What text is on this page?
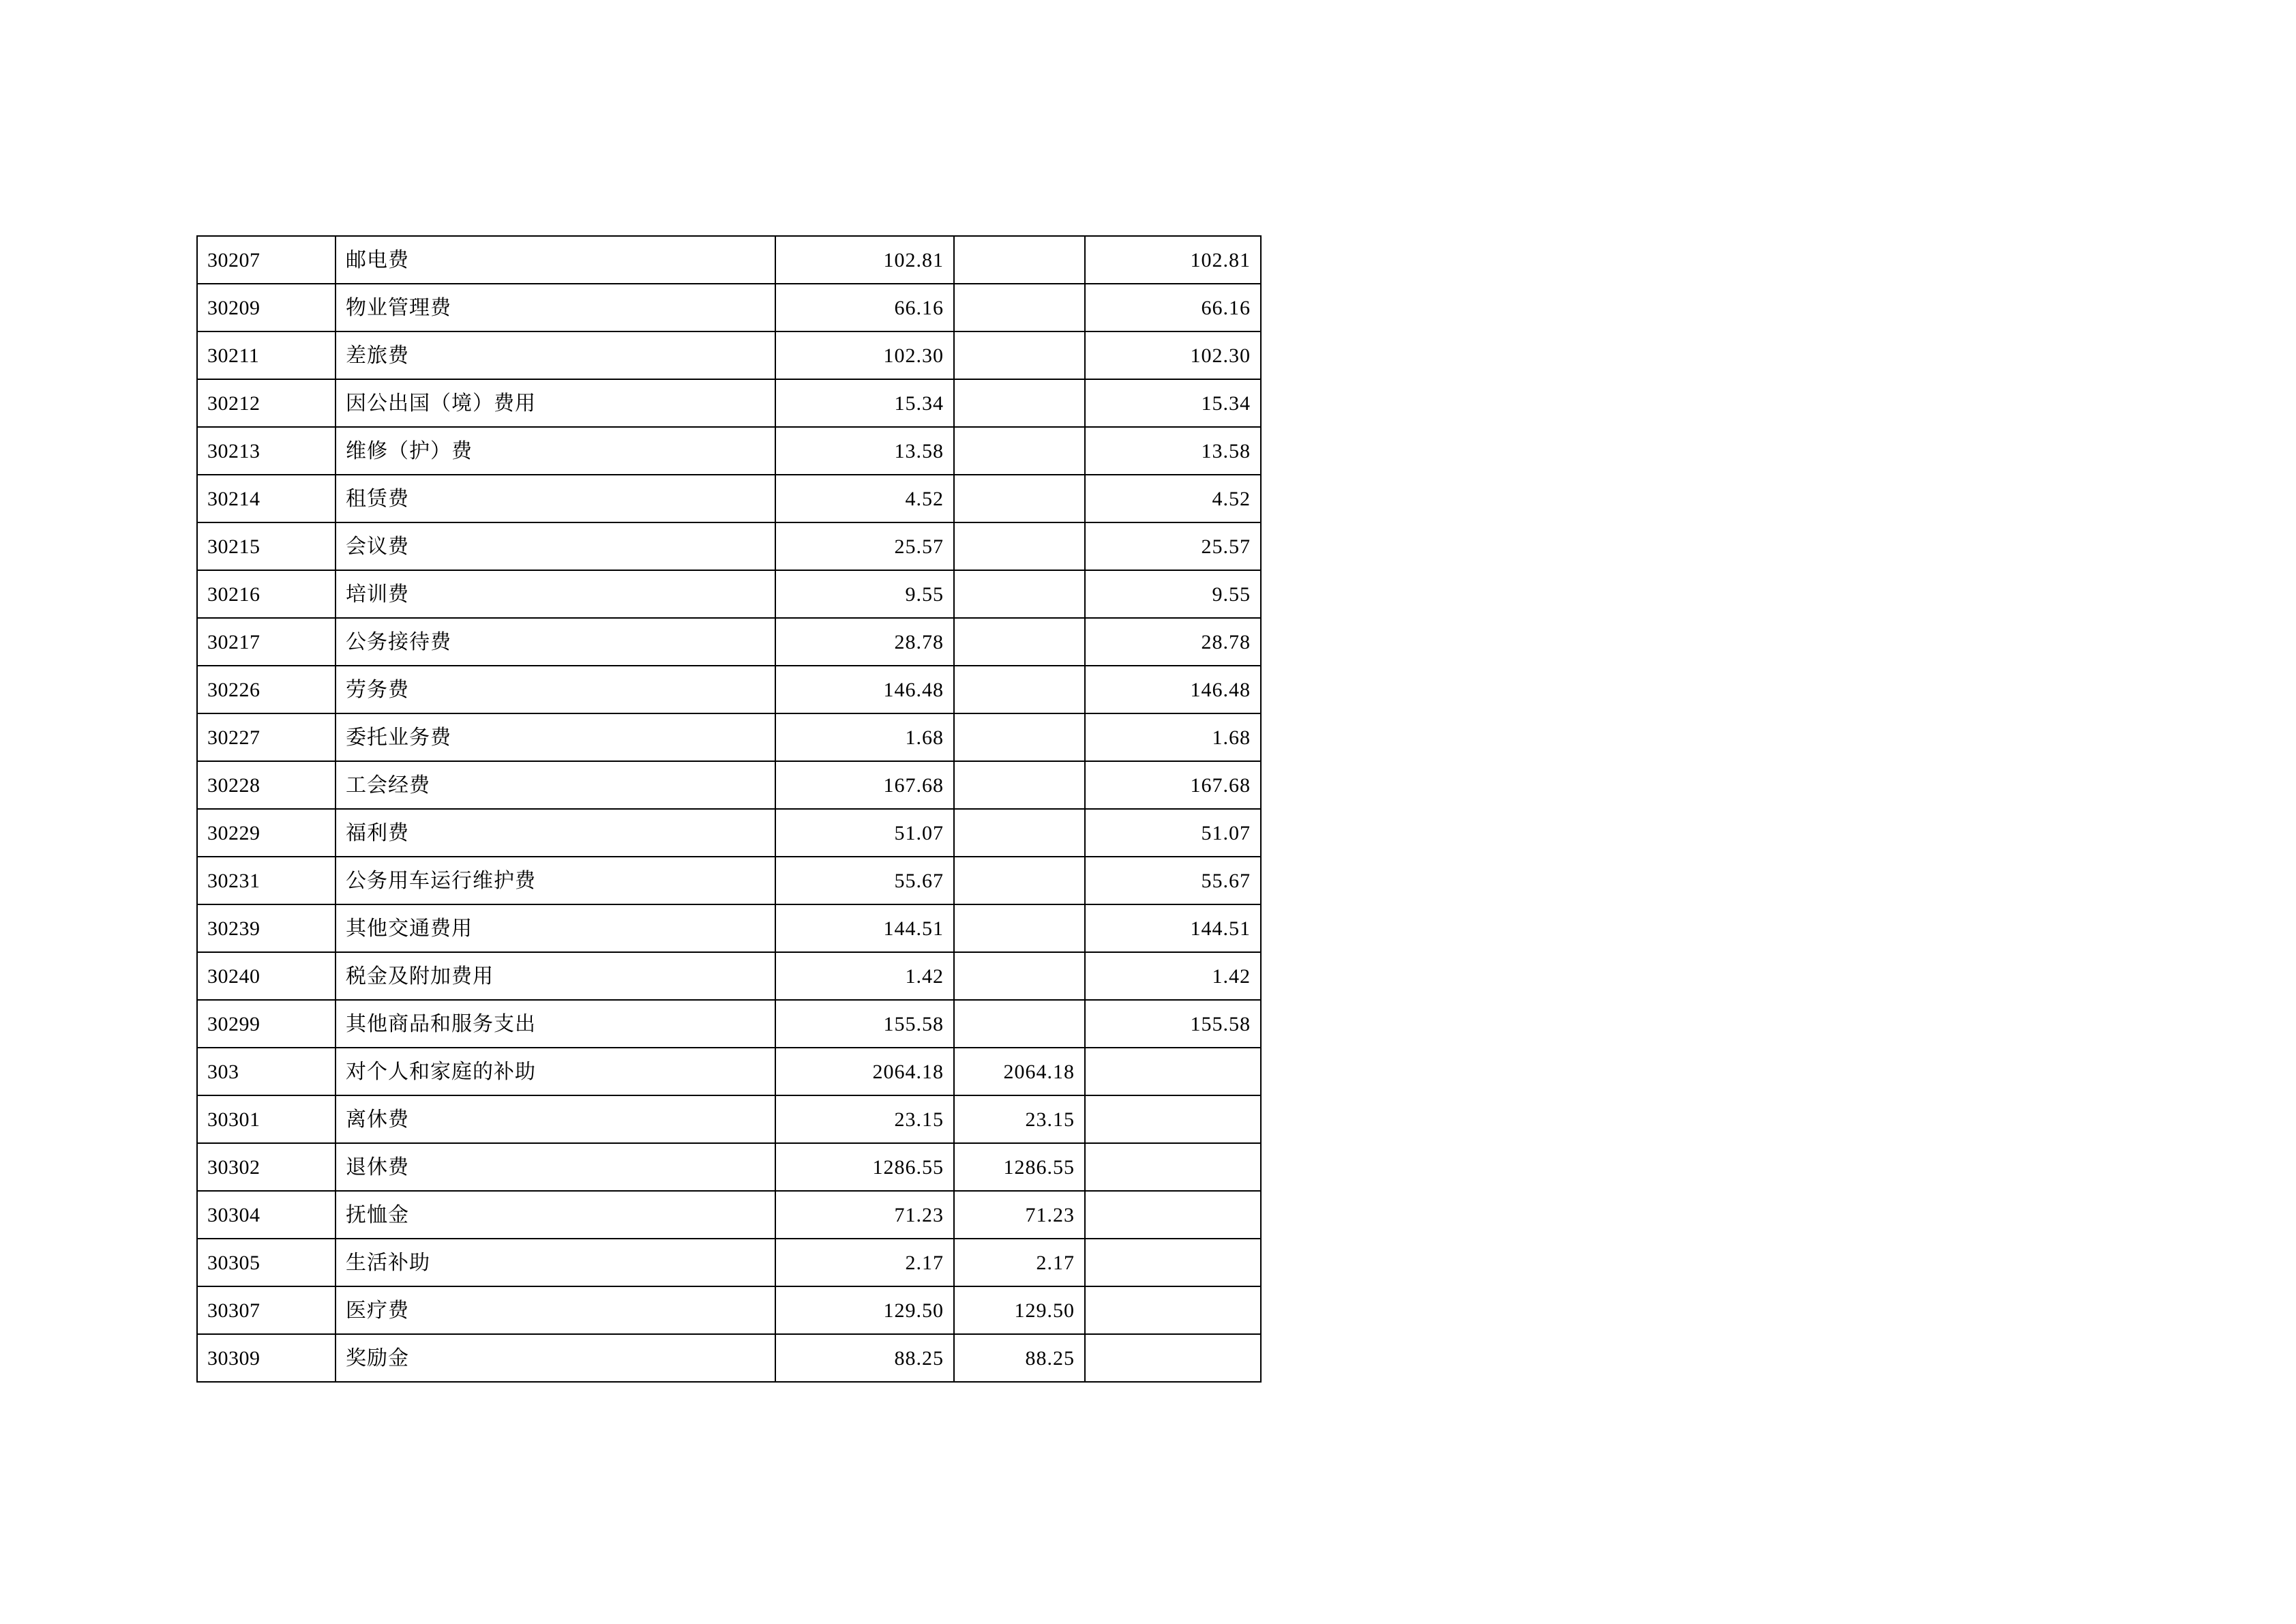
30207	邮电费	102.81		102.81
30209	物业管理费	66.16		66.16
30211	差旅费	102.30		102.30
30212	因公出国（境）费用	15.34		15.34
30213	维修（护）费	13.58		13.58
30214	租赁费	4.52		4.52
30215	会议费	25.57		25.57
30216	培训费	9.55		9.55
30217	公务接待费	28.78		28.78
30226	劳务费	146.48		146.48
30227	委托业务费	1.68		1.68
30228	工会经费	167.68		167.68
30229	福利费	51.07		51.07
30231	公务用车运行维护费	55.67		55.67
30239	其他交通费用	144.51		144.51
30240	税金及附加费用	1.42		1.42
30299	其他商品和服务支出	155.58		155.58
303	对个人和家庭的补助	2064.18	2064.18	
30301	离休费	23.15	23.15	
30302	退休费	1286.55	1286.55	
30304	抚恤金	71.23	71.23	
30305	生活补助	2.17	2.17	
30307	医疗费	129.50	129.50	
30309	奖励金	88.25	88.25	
